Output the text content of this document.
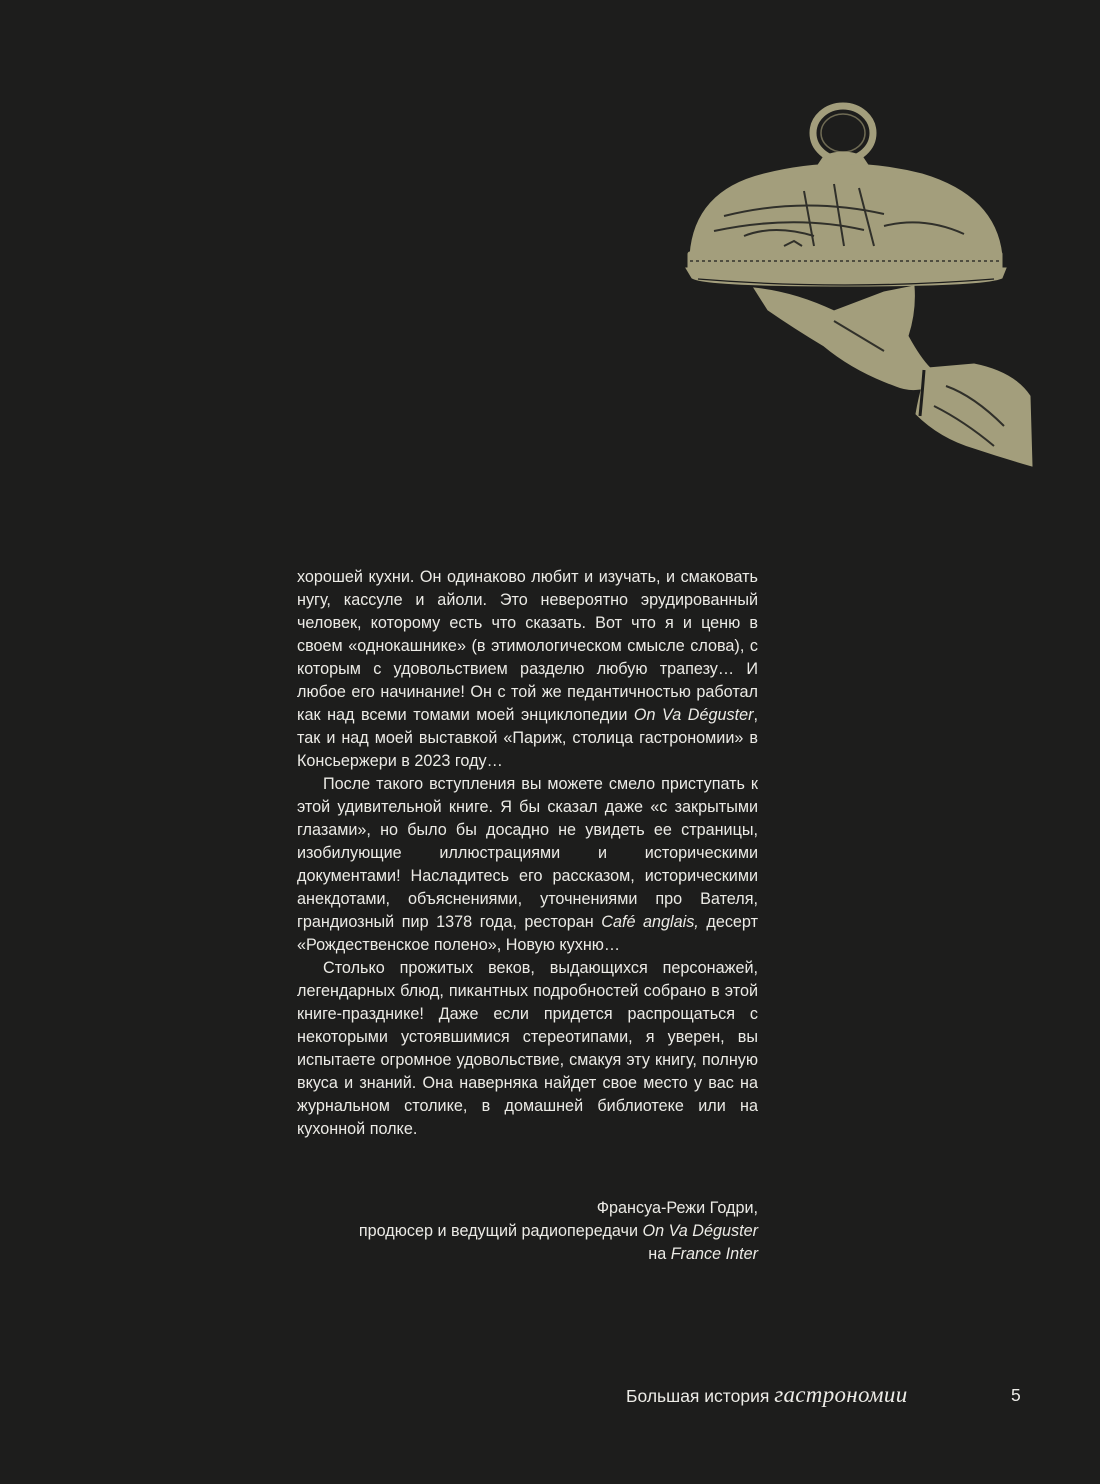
хорошей кухни. Он одинаково любит и изучать, и смаковать нугу, кассуле и айоли. Это невероятно эрудированный человек, которому есть что сказать. Вот что я и ценю в своем «однокашнике» (в этимологическом смысле слова), с которым с удовольствием разделю любую трапезу… И любое его начинание! Он с той же педантичностью работал как над всеми томами моей энциклопедии On Va Déguster, так и над моей выставкой «Париж, столица гастрономии» в Консьержери в 2023 году…

После такого вступления вы можете смело приступать к этой удивительной книге. Я бы сказал даже «с закрытыми глазами», но было бы досадно не увидеть ее страницы, изобилующие иллюстрациями и историческими документами! Насладитесь его рассказом, историческими анекдотами, объяснениями, уточнениями про Вателя, грандиозный пир 1378 года, ресторан Café anglais, десерт «Рождественское полено», Новую кухню…

Столько прожитых веков, выдающихся персонажей, легендарных блюд, пикантных подробностей собрано в этой книге-празднике! Даже если придется распрощаться с некоторыми устоявшимися стереотипами, я уверен, вы испытаете огромное удовольствие, смакуя эту книгу, полную вкуса и знаний. Она наверняка найдет свое место у вас на журнальном столике, в домашней библиотеке или на кухонной полке.

Франсуа-Режи Годри,
продюсер и ведущий радиопередачи On Va Déguster
на France Inter
Большая история гастрономии	5
